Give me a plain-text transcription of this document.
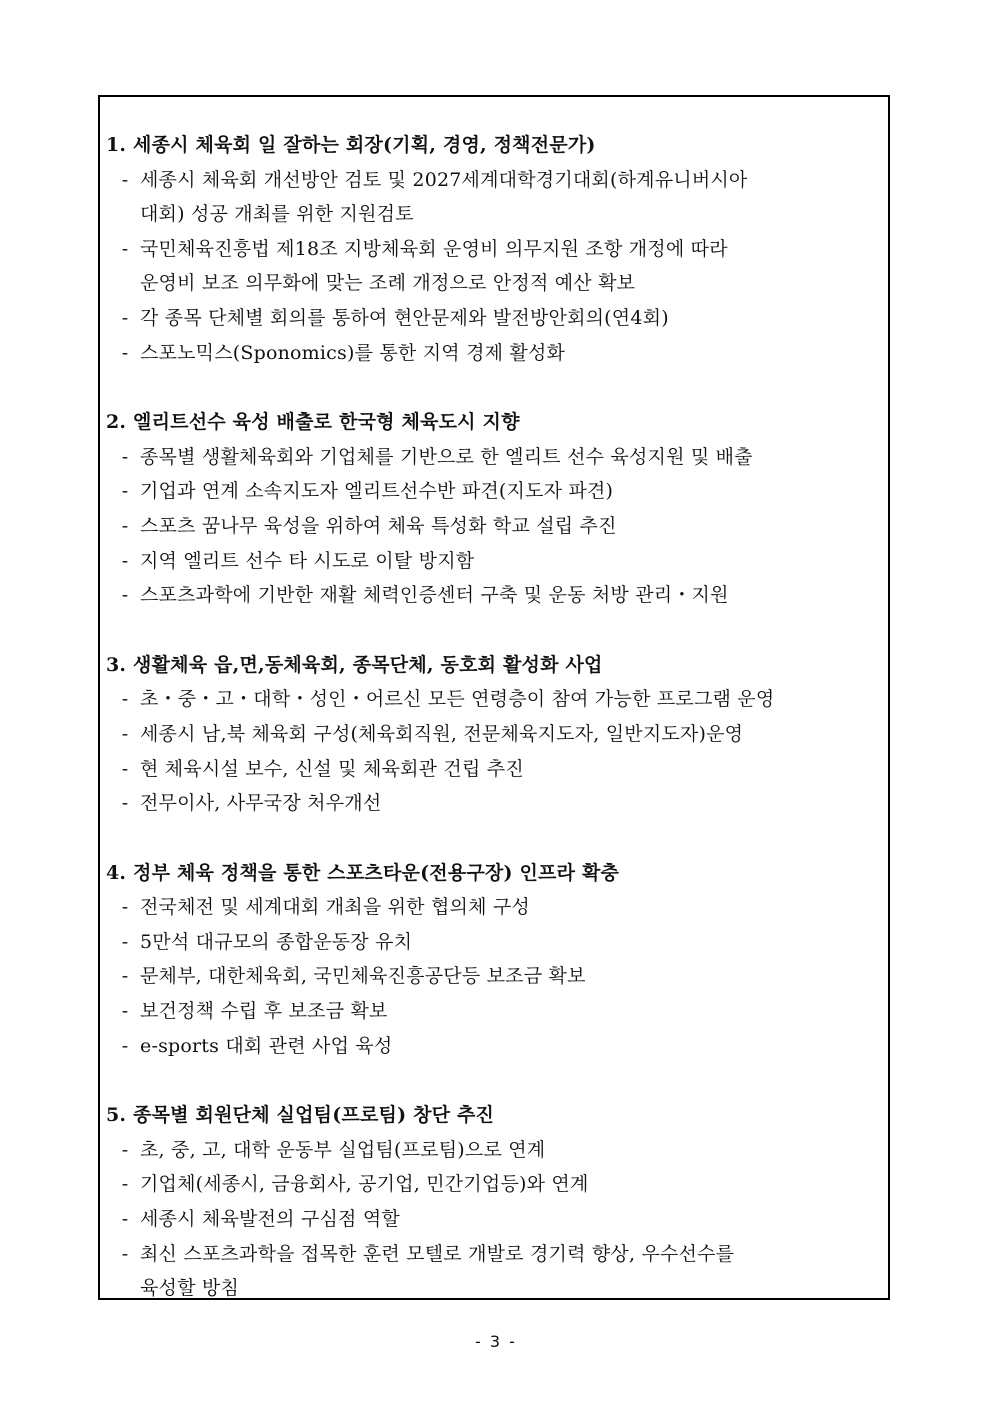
1. 세종시 체육회 일 잘하는 회장(기획, 경영, 정책전문가)
- 세종시 체육회 개선방안 검토 및 2027세계대학경기대회(하계유니버시아
대회) 성공 개최를 위한 지원검토
- 국민체육진흥법 제18조 지방체육회 운영비 의무지원 조항 개정에 따라
운영비 보조 의무화에 맞는 조례 개정으로 안정적 예산 확보
- 각 종목 단체별 회의를 통하여 현안문제와 발전방안회의(연4회)
- 스포노믹스(Sponomics)를 통한 지역 경제 활성화
2. 엘리트선수 육성 배출로 한국형 체육도시 지향
- 종목별 생활체육회와 기업체를 기반으로 한 엘리트 선수 육성지원 및 배출
- 기업과 연계 소속지도자 엘리트선수반 파견(지도자 파견)
- 스포츠 꿈나무 육성을 위하여 체육 특성화 학교 설립 추진
- 지역 엘리트 선수 타 시도로 이탈 방지함
- 스포츠과학에 기반한 재활 체력인증센터 구축 및 운동 처방 관리・지원
3. 생활체육 읍,면,동체육회, 종목단체, 동호회 활성화 사업
- 초・중・고・대학・성인・어르신 모든 연령층이 참여 가능한 프로그램 운영
- 세종시 남,북 체육회 구성(체육회직원, 전문체육지도자, 일반지도자)운영
- 현 체육시설 보수, 신설 및 체육회관 건립 추진
- 전무이사, 사무국장 처우개선
4. 정부 체육 정책을 통한 스포츠타운(전용구장) 인프라 확충
- 전국체전 및 세계대회 개최을 위한 협의체 구성
- 5만석 대규모의 종합운동장 유치
- 문체부, 대한체육회, 국민체육진흥공단등 보조금 확보
- 보건정책 수립 후 보조금 확보
- e-sports 대회 관련 사업 육성
5. 종목별 회원단체 실업팀(프로팀) 창단 추진
- 초, 중, 고, 대학 운동부 실업팀(프로팀)으로 연계
- 기업체(세종시, 금융회사, 공기업, 민간기업등)와 연계
- 세종시 체육발전의 구심점 역할
- 최신 스포츠과학을 접목한 훈련 모텔로 개발로 경기력 향상, 우수선수를
육성할 방침
- 3 -
